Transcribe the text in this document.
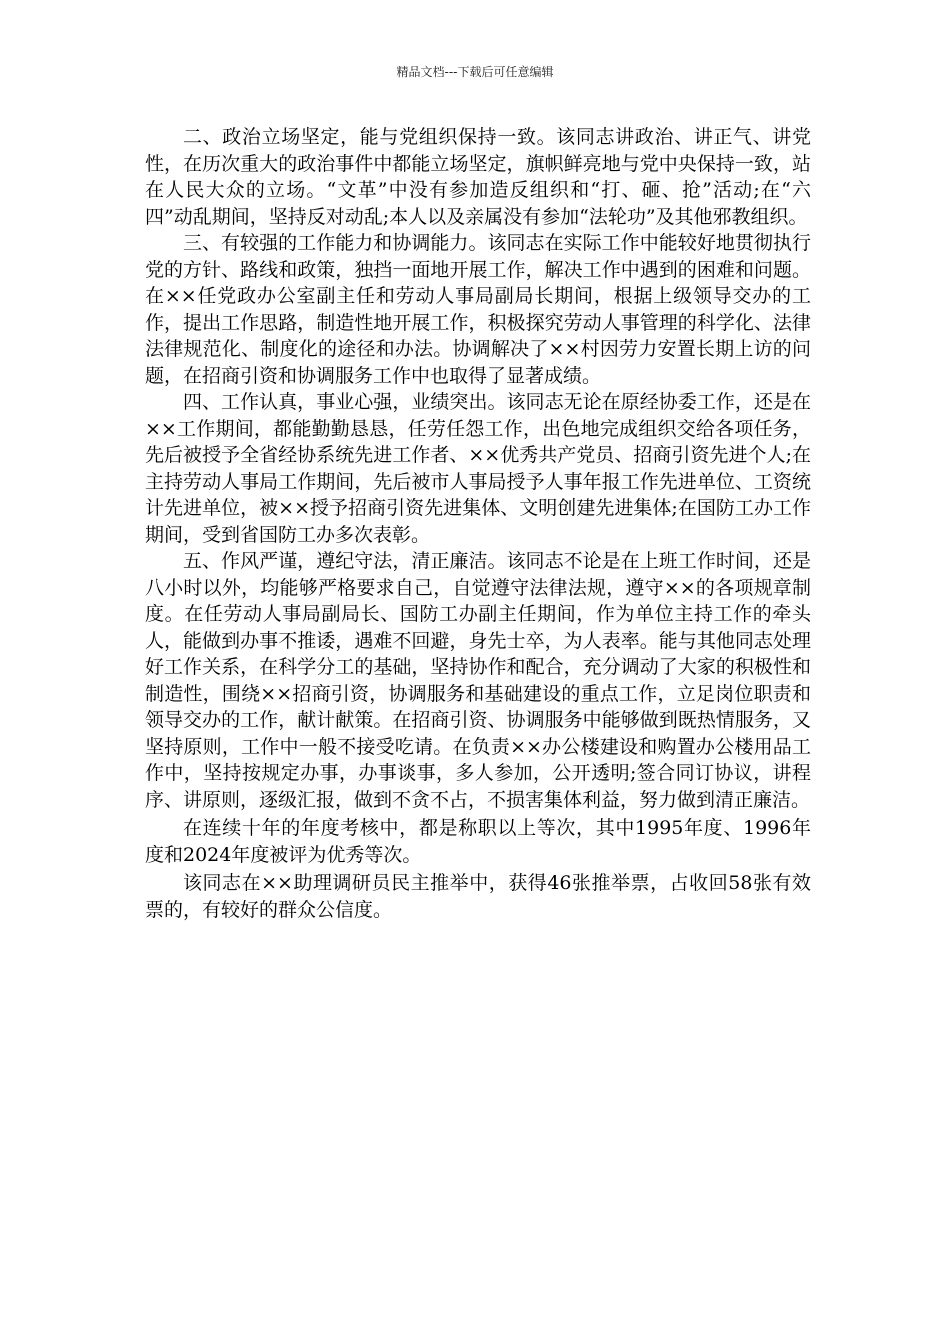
精品文档---下载后可任意编辑

二、政治立场坚定，能与党组织保持一致。该同志讲政治、讲正气、讲党性，在历次重大的政治事件中都能立场坚定，旗帜鲜亮地与党中央保持一致，站在人民大众的立场。“文革”中没有参加造反组织和“打、砸、抢”活动;在“六四”动乱期间，坚持反对动乱;本人以及亲属没有参加“法轮功”及其他邪教组织。

三、有较强的工作能力和协调能力。该同志在实际工作中能较好地贯彻执行党的方针、路线和政策，独挡一面地开展工作，解决工作中遇到的困难和问题。在××任党政办公室副主任和劳动人事局副局长期间，根据上级领导交办的工作，提出工作思路，制造性地开展工作，积极探究劳动人事管理的科学化、法律法律规范化、制度化的途径和办法。协调解决了××村因劳力安置长期上访的问题，在招商引资和协调服务工作中也取得了显著成绩。

四、工作认真，事业心强，业绩突出。该同志无论在原经协委工作，还是在××工作期间，都能勤勤恳恳，任劳任怨工作，出色地完成组织交给各项任务，先后被授予全省经协系统先进工作者、××优秀共产党员、招商引资先进个人;在主持劳动人事局工作期间，先后被市人事局授予人事年报工作先进单位、工资统计先进单位，被××授予招商引资先进集体、文明创建先进集体;在国防工办工作期间，受到省国防工办多次表彰。

五、作风严谨，遵纪守法，清正廉洁。该同志不论是在上班工作时间，还是八小时以外，均能够严格要求自己，自觉遵守法律法规，遵守××的各项规章制度。在任劳动人事局副局长、国防工办副主任期间，作为单位主持工作的牵头人，能做到办事不推诿，遇难不回避，身先士卒，为人表率。能与其他同志处理好工作关系，在科学分工的基础，坚持协作和配合，充分调动了大家的积极性和制造性，围绕××招商引资，协调服务和基础建设的重点工作，立足岗位职责和领导交办的工作，献计献策。在招商引资、协调服务中能够做到既热情服务，又坚持原则，工作中一般不接受吃请。在负责××办公楼建设和购置办公楼用品工作中，坚持按规定办事，办事谈事，多人参加，公开透明;签合同订协议，讲程序、讲原则，逐级汇报，做到不贪不占，不损害集体利益，努力做到清正廉洁。

在连续十年的年度考核中，都是称职以上等次，其中1995年度、1996年度和2024年度被评为优秀等次。

该同志在××助理调研员民主推举中，获得46张推举票，占收回58张有效票的，有较好的群众公信度。
